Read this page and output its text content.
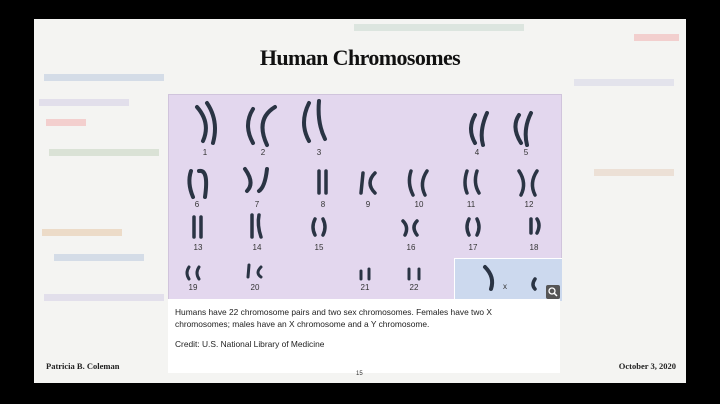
Human Chromosomes
1	2	3	4	5
6	7	8	9	10	11	12
13	14	15	16	17	18
19	20	21	22	x

Humans have 22 chromosome pairs and two sex chromosomes. Females have two X

chromosomes; males have an X chromosome and a Y chromosome.

Credit: U.S. National Library of Medicine

Patricia B. Coleman
15
October 3, 2020
